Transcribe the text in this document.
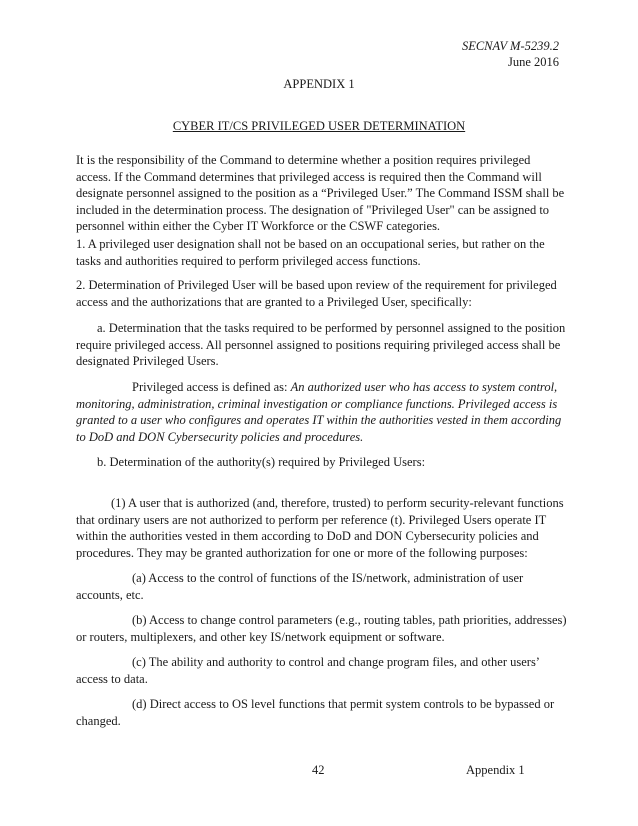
SECNAV M-5239.2
June 2016
APPENDIX 1
CYBER IT/CS PRIVILEGED USER DETERMINATION

It is the responsibility of the Command to determine whether a position requires privileged access. If the Command determines that privileged access is required then the Command will designate personnel assigned to the position as a “Privileged User.” The Command ISSM shall be included in the determination process. The designation of "Privileged User" can be assigned to personnel within either the Cyber IT Workforce or the CSWF categories.

1. A privileged user designation shall not be based on an occupational series, but rather on the tasks and authorities required to perform privileged access functions.

2. Determination of Privileged User will be based upon review of the requirement for privileged access and the authorizations that are granted to a Privileged User, specifically:

a. Determination that the tasks required to be performed by personnel assigned to the position require privileged access. All personnel assigned to positions requiring privileged access shall be designated Privileged Users.

Privileged access is defined as: An authorized user who has access to system control, monitoring, administration, criminal investigation or compliance functions. Privileged access is granted to a user who configures and operates IT within the authorities vested in them according to DoD and DON Cybersecurity policies and procedures.

b. Determination of the authority(s) required by Privileged Users:

(1) A user that is authorized (and, therefore, trusted) to perform security-relevant functions that ordinary users are not authorized to perform per reference (t). Privileged Users operate IT within the authorities vested in them according to DoD and DON Cybersecurity policies and procedures. They may be granted authorization for one or more of the following purposes:

(a) Access to the control of functions of the IS/network, administration of user accounts, etc.

(b) Access to change control parameters (e.g., routing tables, path priorities, addresses) or routers, multiplexers, and other key IS/network equipment or software.

(c) The ability and authority to control and change program files, and other users’ access to data.

(d) Direct access to OS level functions that permit system controls to be bypassed or changed.

42	Appendix 1
